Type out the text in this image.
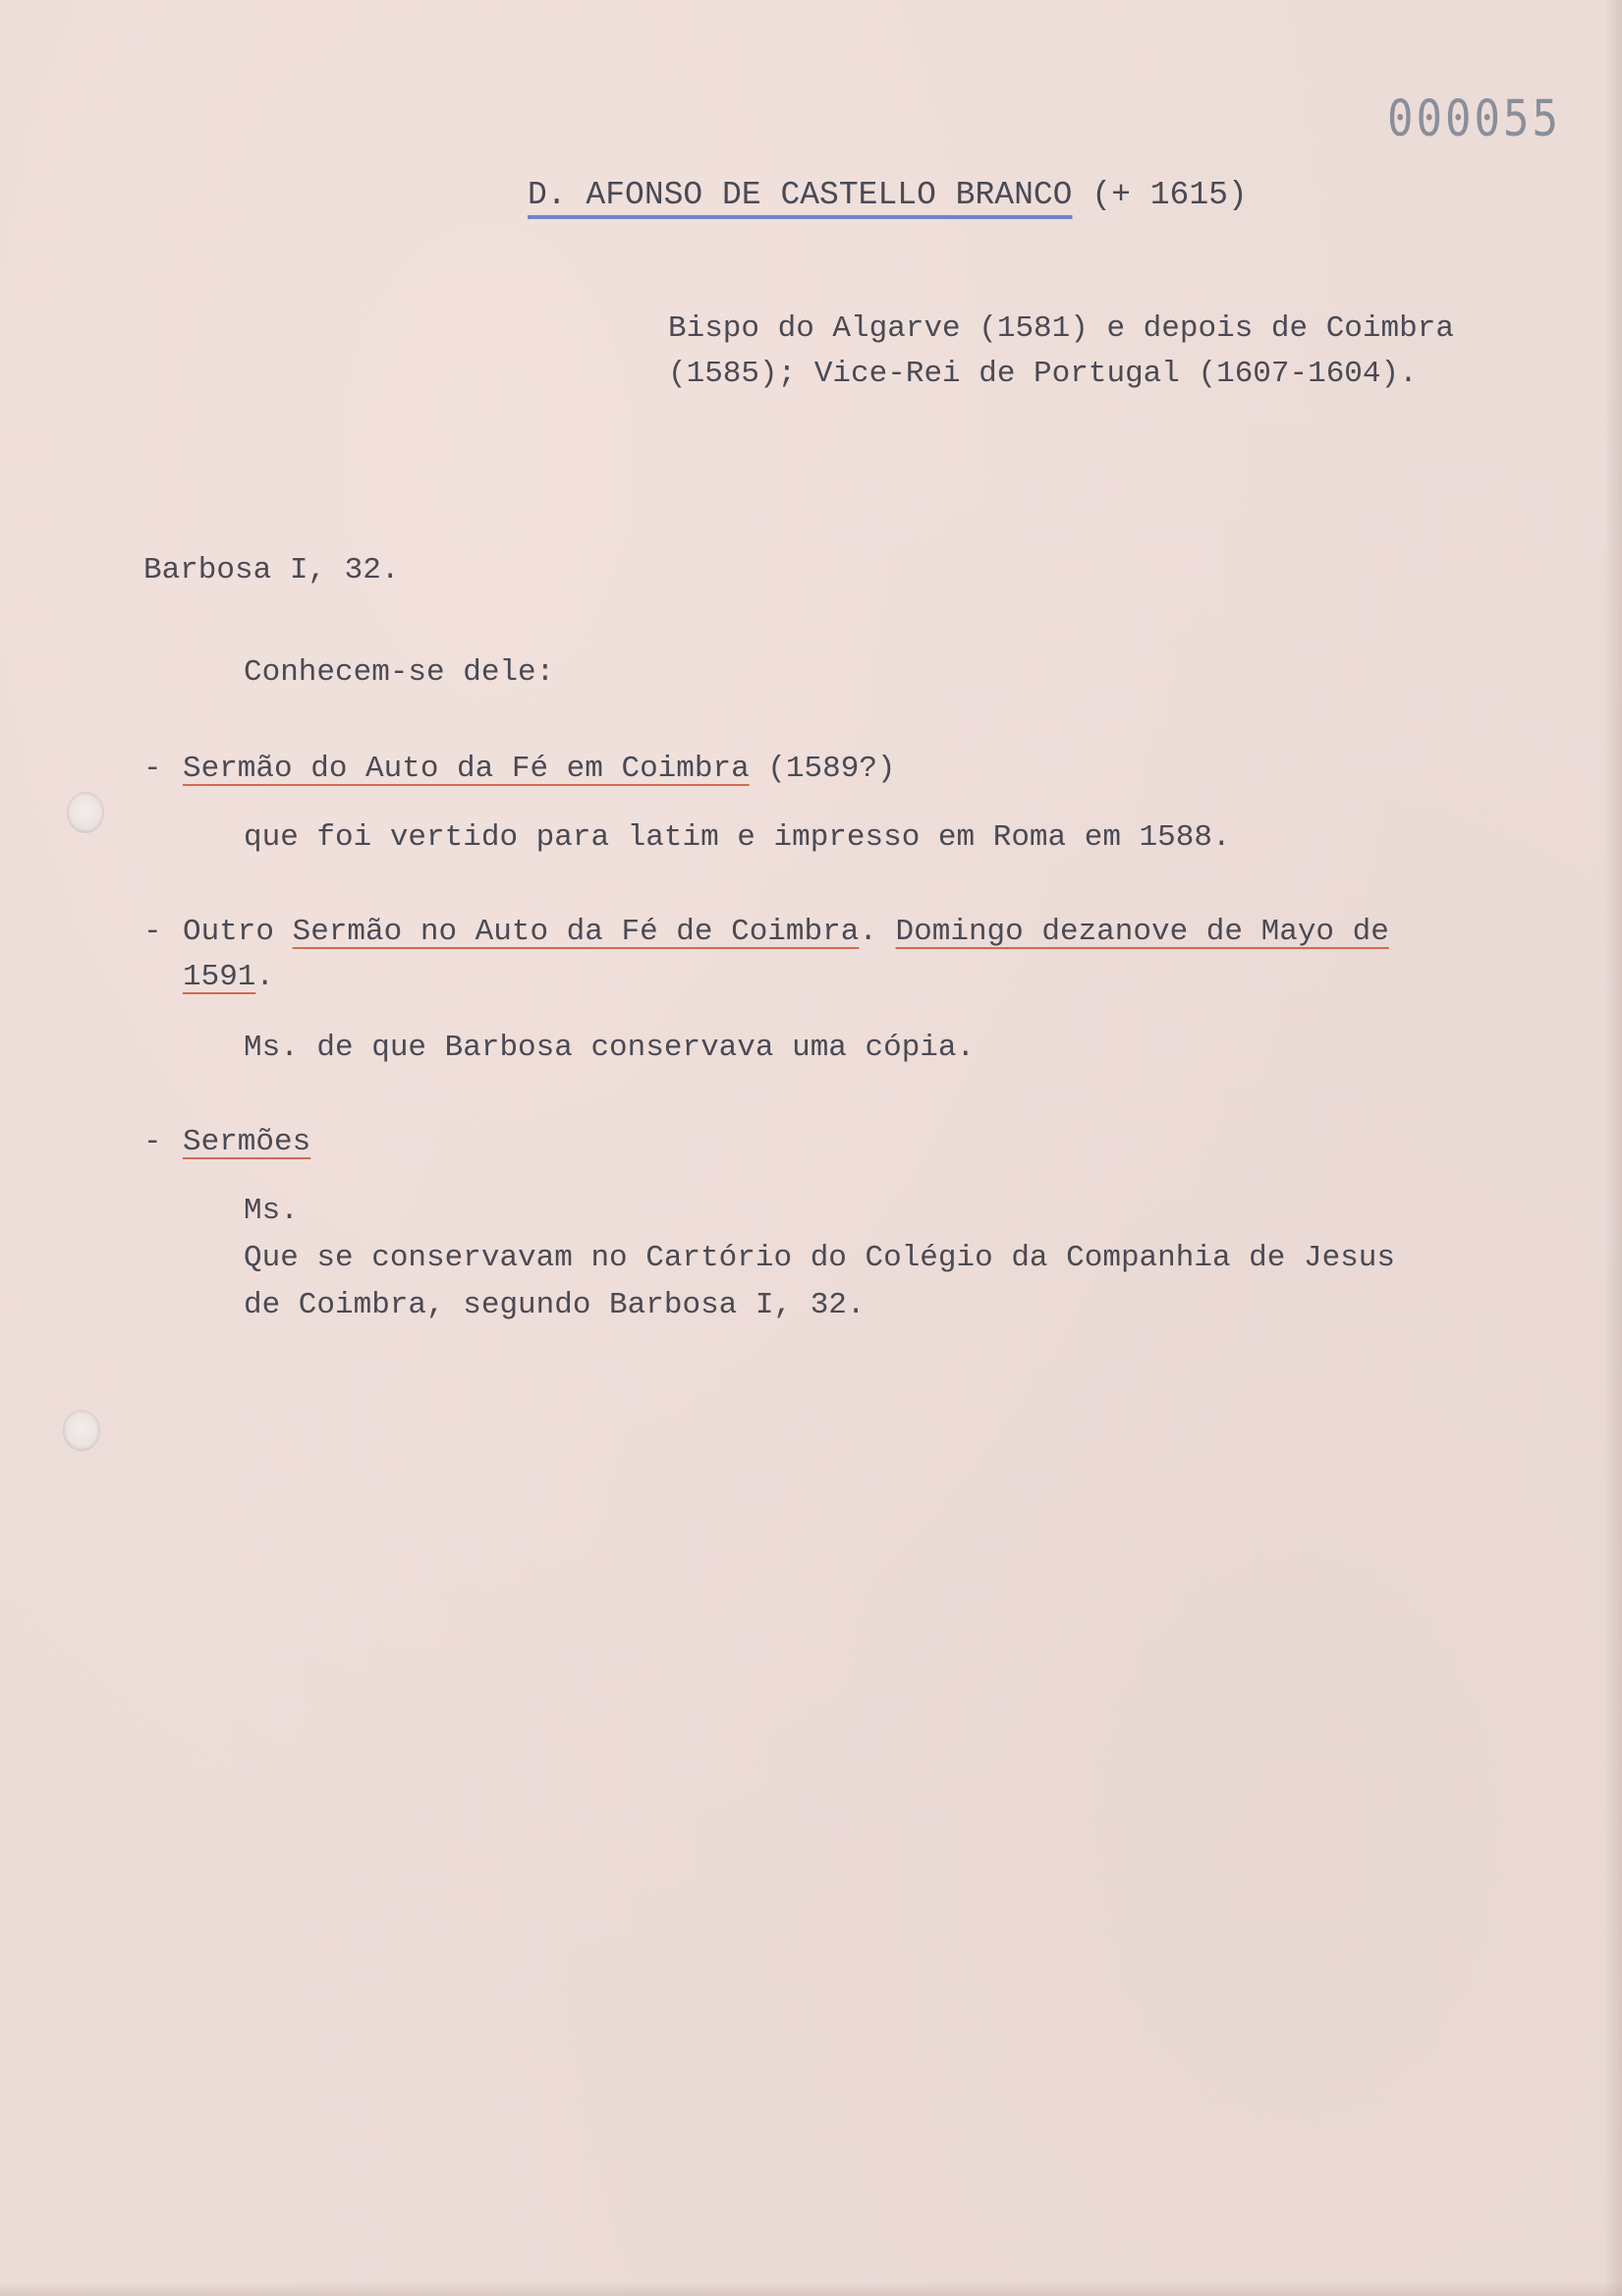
000055
D. AFONSO DE CASTELLO BRANCO (+ 1615)
Bispo do Algarve (1581) e depois de Coimbra
(1585); Vice-Rei de Portugal (1607-1604).
Barbosa I, 32.
Conhecem-se dele:
- Sermão do Auto da Fé em Coimbra (1589?)
que foi vertido para latim e impresso em Roma em 1588.
- Outro Sermão no Auto da Fé de Coimbra. Domingo dezanove de Mayo de
1591.
Ms. de que Barbosa conservava uma cópia.
- Sermões
Ms.
Que se conservavam no Cartório do Colégio da Companhia de Jesus
de Coimbra, segundo Barbosa I, 32.
